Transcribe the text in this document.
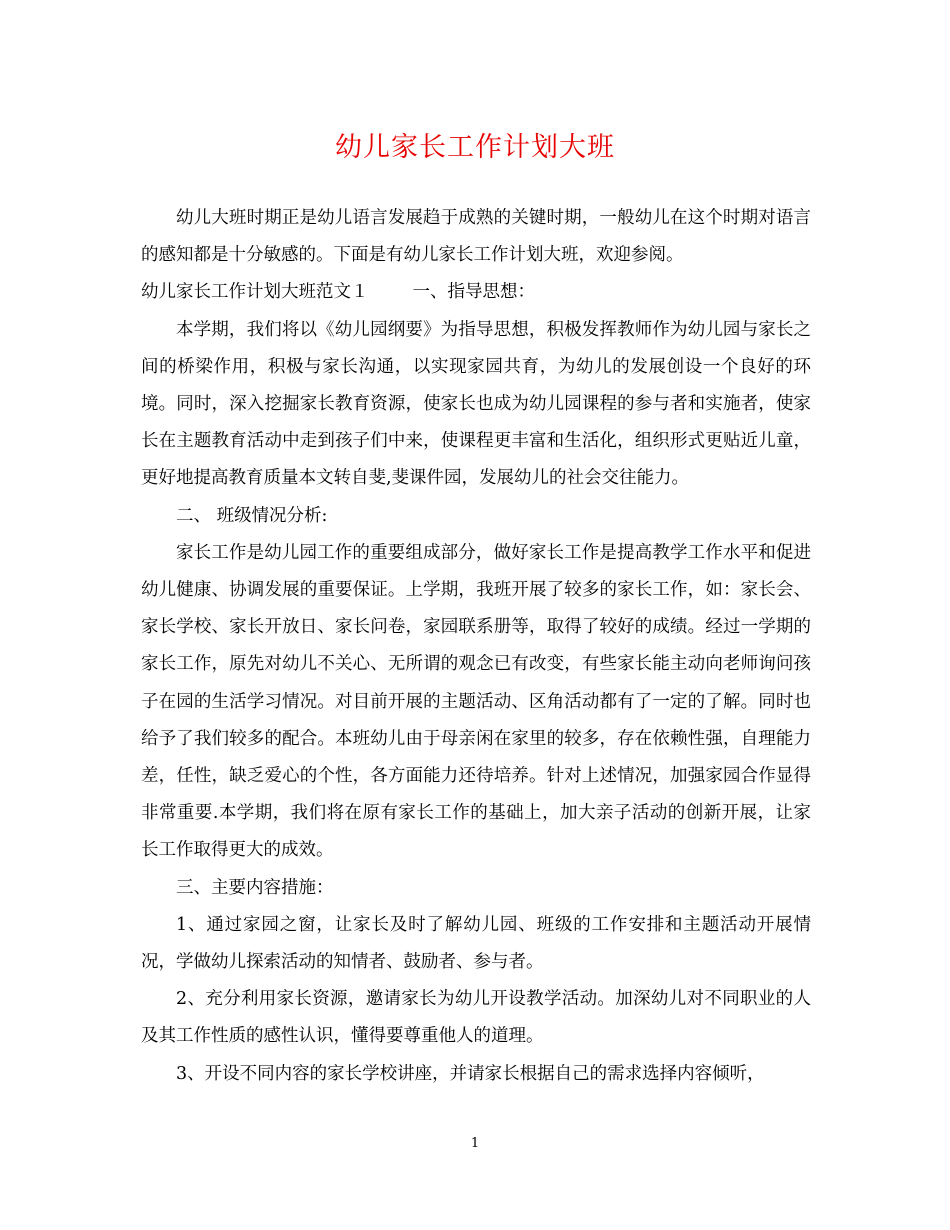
幼儿家长工作计划大班

幼儿大班时期正是幼儿语言发展趋于成熟的关键时期，一般幼儿在这个时期对语言的感知都是十分敏感的。下面是有幼儿家长工作计划大班，欢迎参阅。

幼儿家长工作计划大班范文１	一、指导思想：

本学期，我们将以《幼儿园纲要》为指导思想，积极发挥教师作为幼儿园与家长之间的桥梁作用，积极与家长沟通，以实现家园共育，为幼儿的发展创设一个良好的环境。同时，深入挖掘家长教育资源，使家长也成为幼儿园课程的参与者和实施者，使家长在主题教育活动中走到孩子们中来，使课程更丰富和生活化，组织形式更贴近儿童，更好地提高教育质量本文转自斐,斐课件园，发展幼儿的社会交往能力。

二、 班级情况分析:

家长工作是幼儿园工作的重要组成部分，做好家长工作是提高教学工作水平和促进幼儿健康、协调发展的重要保证。上学期，我班开展了较多的家长工作，如：家长会、家长学校、家长开放日、家长问卷，家园联系册等，取得了较好的成绩。经过一学期的家长工作，原先对幼儿不关心、无所谓的观念已有改变，有些家长能主动向老师询问孩子在园的生活学习情况。对目前开展的主题活动、区角活动都有了一定的了解。同时也给予了我们较多的配合。本班幼儿由于母亲闲在家里的较多，存在依赖性强，自理能力差，任性，缺乏爱心的个性，各方面能力还待培养。针对上述情况，加强家园合作显得非常重要.本学期，我们将在原有家长工作的基础上，加大亲子活动的创新开展，让家长工作取得更大的成效。

三、主要内容措施：

1、通过家园之窗，让家长及时了解幼儿园、班级的工作安排和主题活动开展情况，学做幼儿探索活动的知情者、鼓励者、参与者。

2、充分利用家长资源，邀请家长为幼儿开设教学活动。加深幼儿对不同职业的人及其工作性质的感性认识，懂得要尊重他人的道理。

3、开设不同内容的家长学校讲座，并请家长根据自己的需求选择内容倾听，

1
